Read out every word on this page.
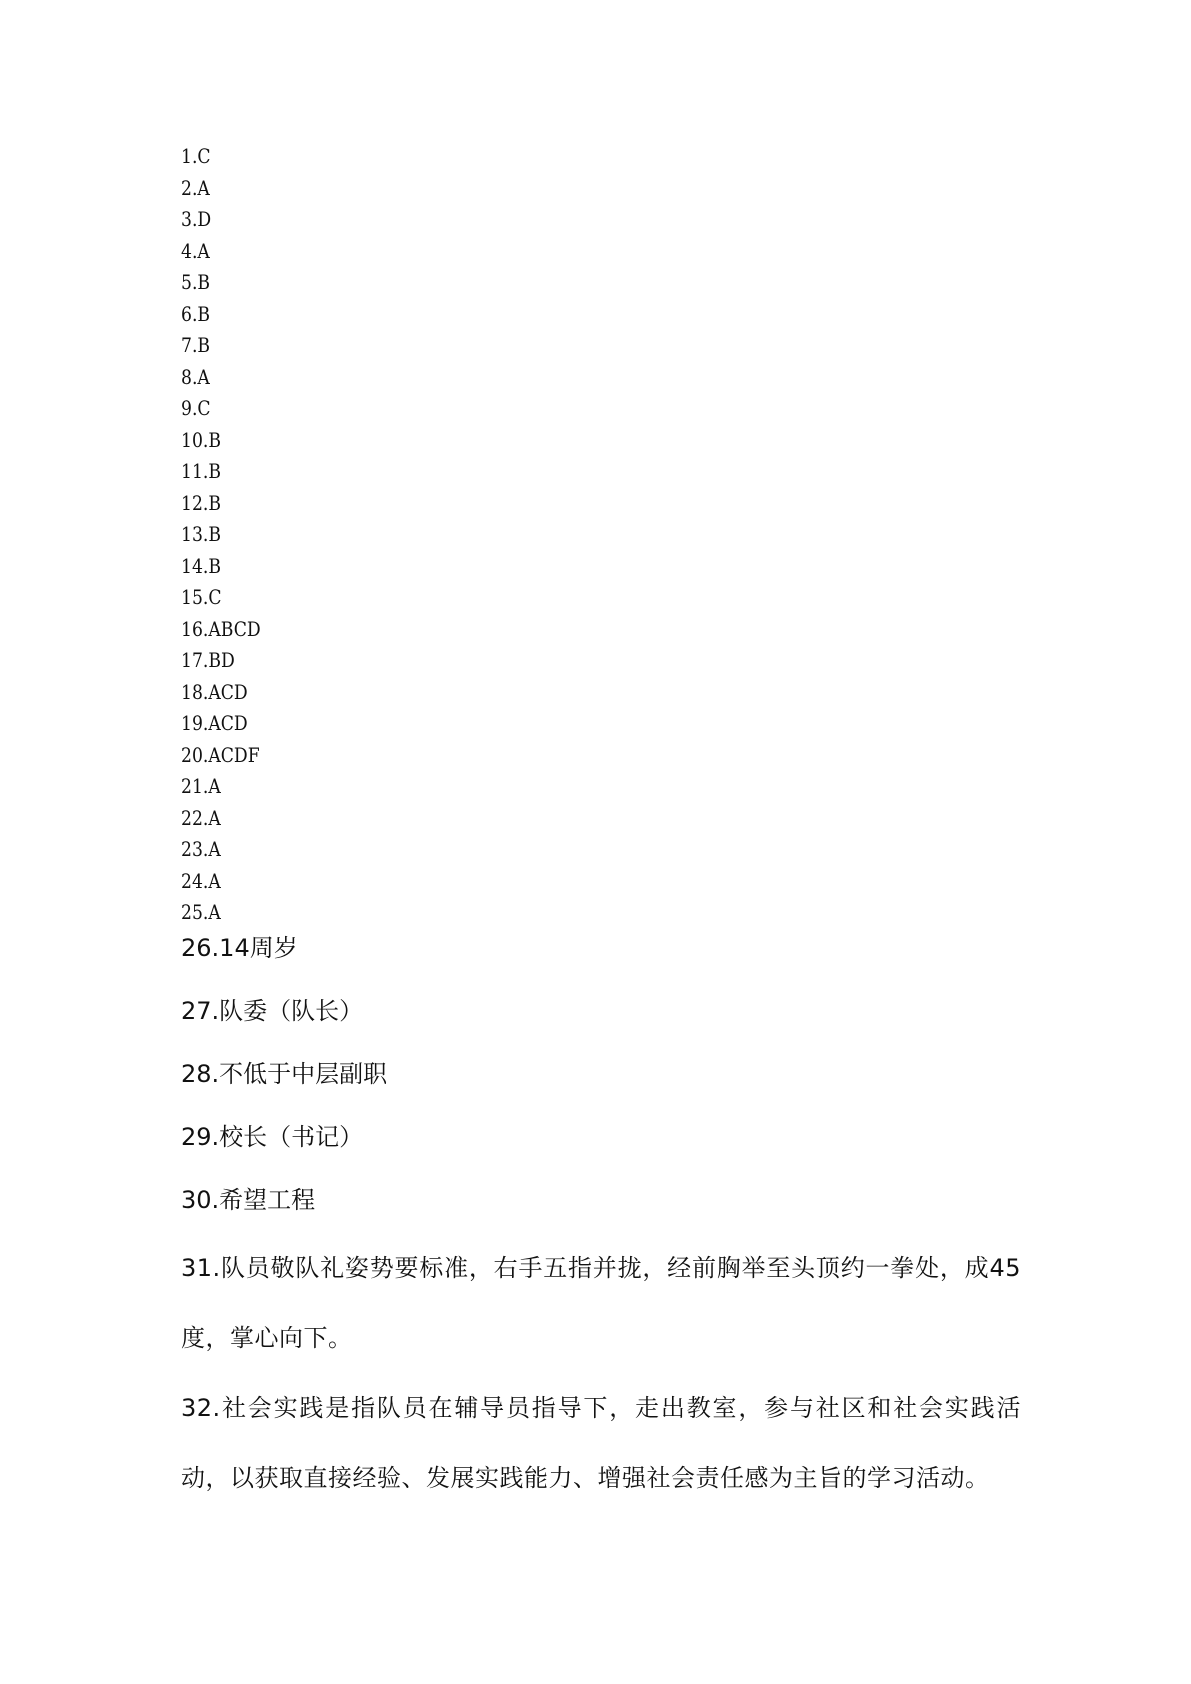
1.C
2.A
3.D
4.A
5.B
6.B
7.B
8.A
9.C
10.B
11.B
12.B
13.B
14.B
15.C
16.ABCD
17.BD
18.ACD
19.ACD
20.ACDF
21.A
22.A
23.A
24.A
25.A
26.14周岁
27.队委（队长）
28.不低于中层副职
29.校长（书记）
30.希望工程

31.队员敬队礼姿势要标准，右手五指并拢，经前胸举至头顶约一拳处，成45度，掌心向下。

32.社会实践是指队员在辅导员指导下，走出教室，参与社区和社会实践活动，以获取直接经验、发展实践能力、增强社会责任感为主旨的学习活动。
